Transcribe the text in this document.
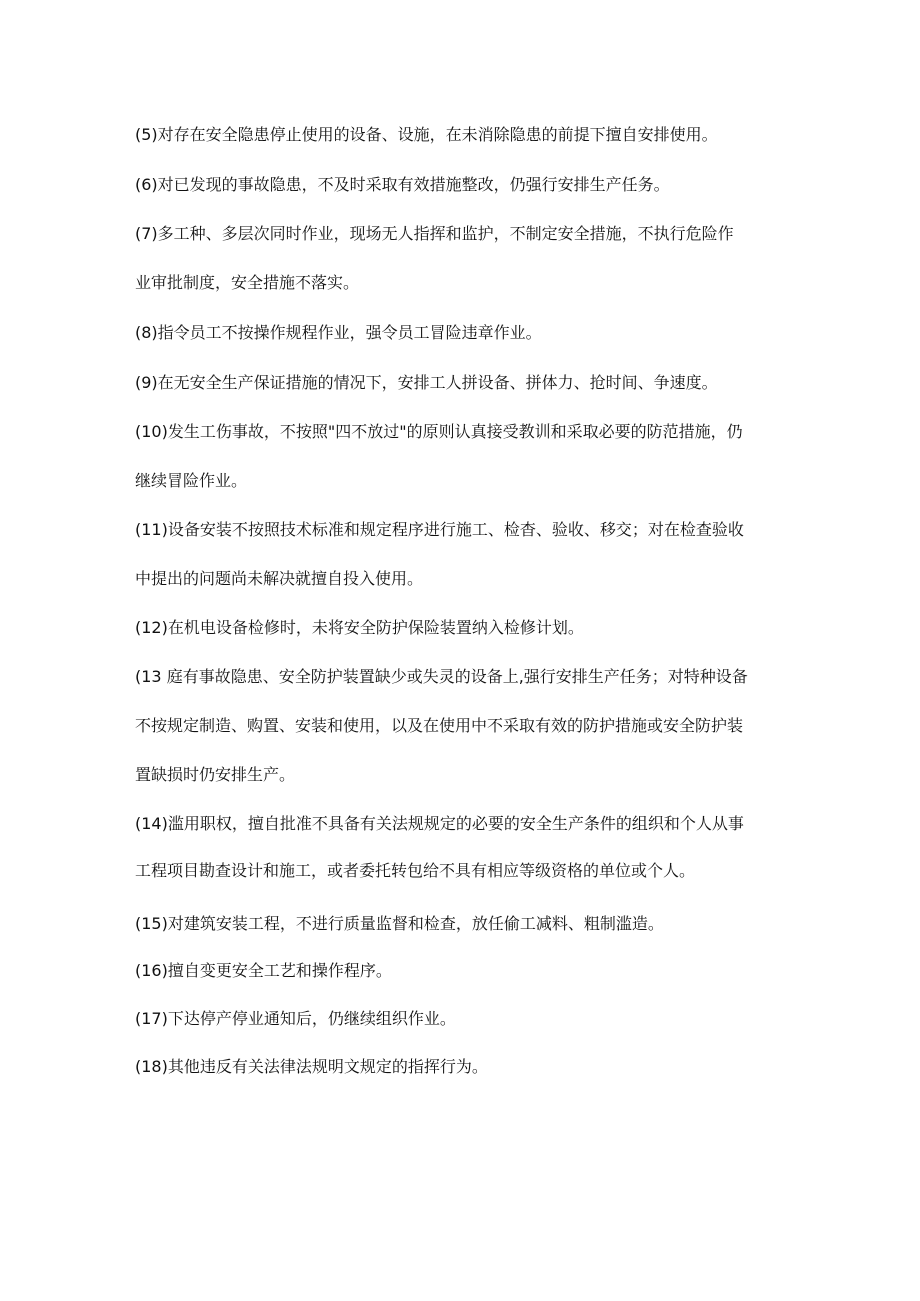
(5)对存在安全隐患停止使用的设备、设施，在未消除隐患的前提下擅自安排使用。
(6)对已发现的事故隐患，不及时采取有效措施整改，仍强行安排生产任务。
(7)多工种、多层次同时作业，现场无人指挥和监护，不制定安全措施，不执行危险作
业审批制度，安全措施不落实。
(8)指令员工不按操作规程作业，强令员工冒险违章作业。
(9)在无安全生产保证措施的情况下，安排工人拼设备、拼体力、抢时间、争速度。
(10)发生工伤事故，不按照"四不放过"的原则认真接受教训和采取必要的防范措施，仍
继续冒险作业。
(11)设备安装不按照技术标准和规定程序进行施工、检杳、验收、移交；对在检查验收
中提出的问题尚未解决就擅自投入使用。
(12)在机电设备检修时，未将安全防护保险装置纳入检修计划。
(13 庭有事故隐患、安全防护装置缺少或失灵的设备上,强行安排生产任务；对特种设备
不按规定制造、购置、安装和使用，以及在使用中不采取有效的防护措施或安全防护装
置缺损时仍安排生产。
(14)滥用职权，擅自批准不具备有关法规规定的必要的安全生产条件的组织和个人从事
工程项目勘查设计和施工，或者委托转包给不具有相应等级资格的单位或个人。
(15)对建筑安装工程，不进行质量监督和检查，放任偷工减料、粗制滥造。
(16)擅自变更安全工艺和操作程序。
(17)下达停产停业通知后，仍继续组织作业。
(18)其他违反有关法律法规明文规定的指挥行为。
